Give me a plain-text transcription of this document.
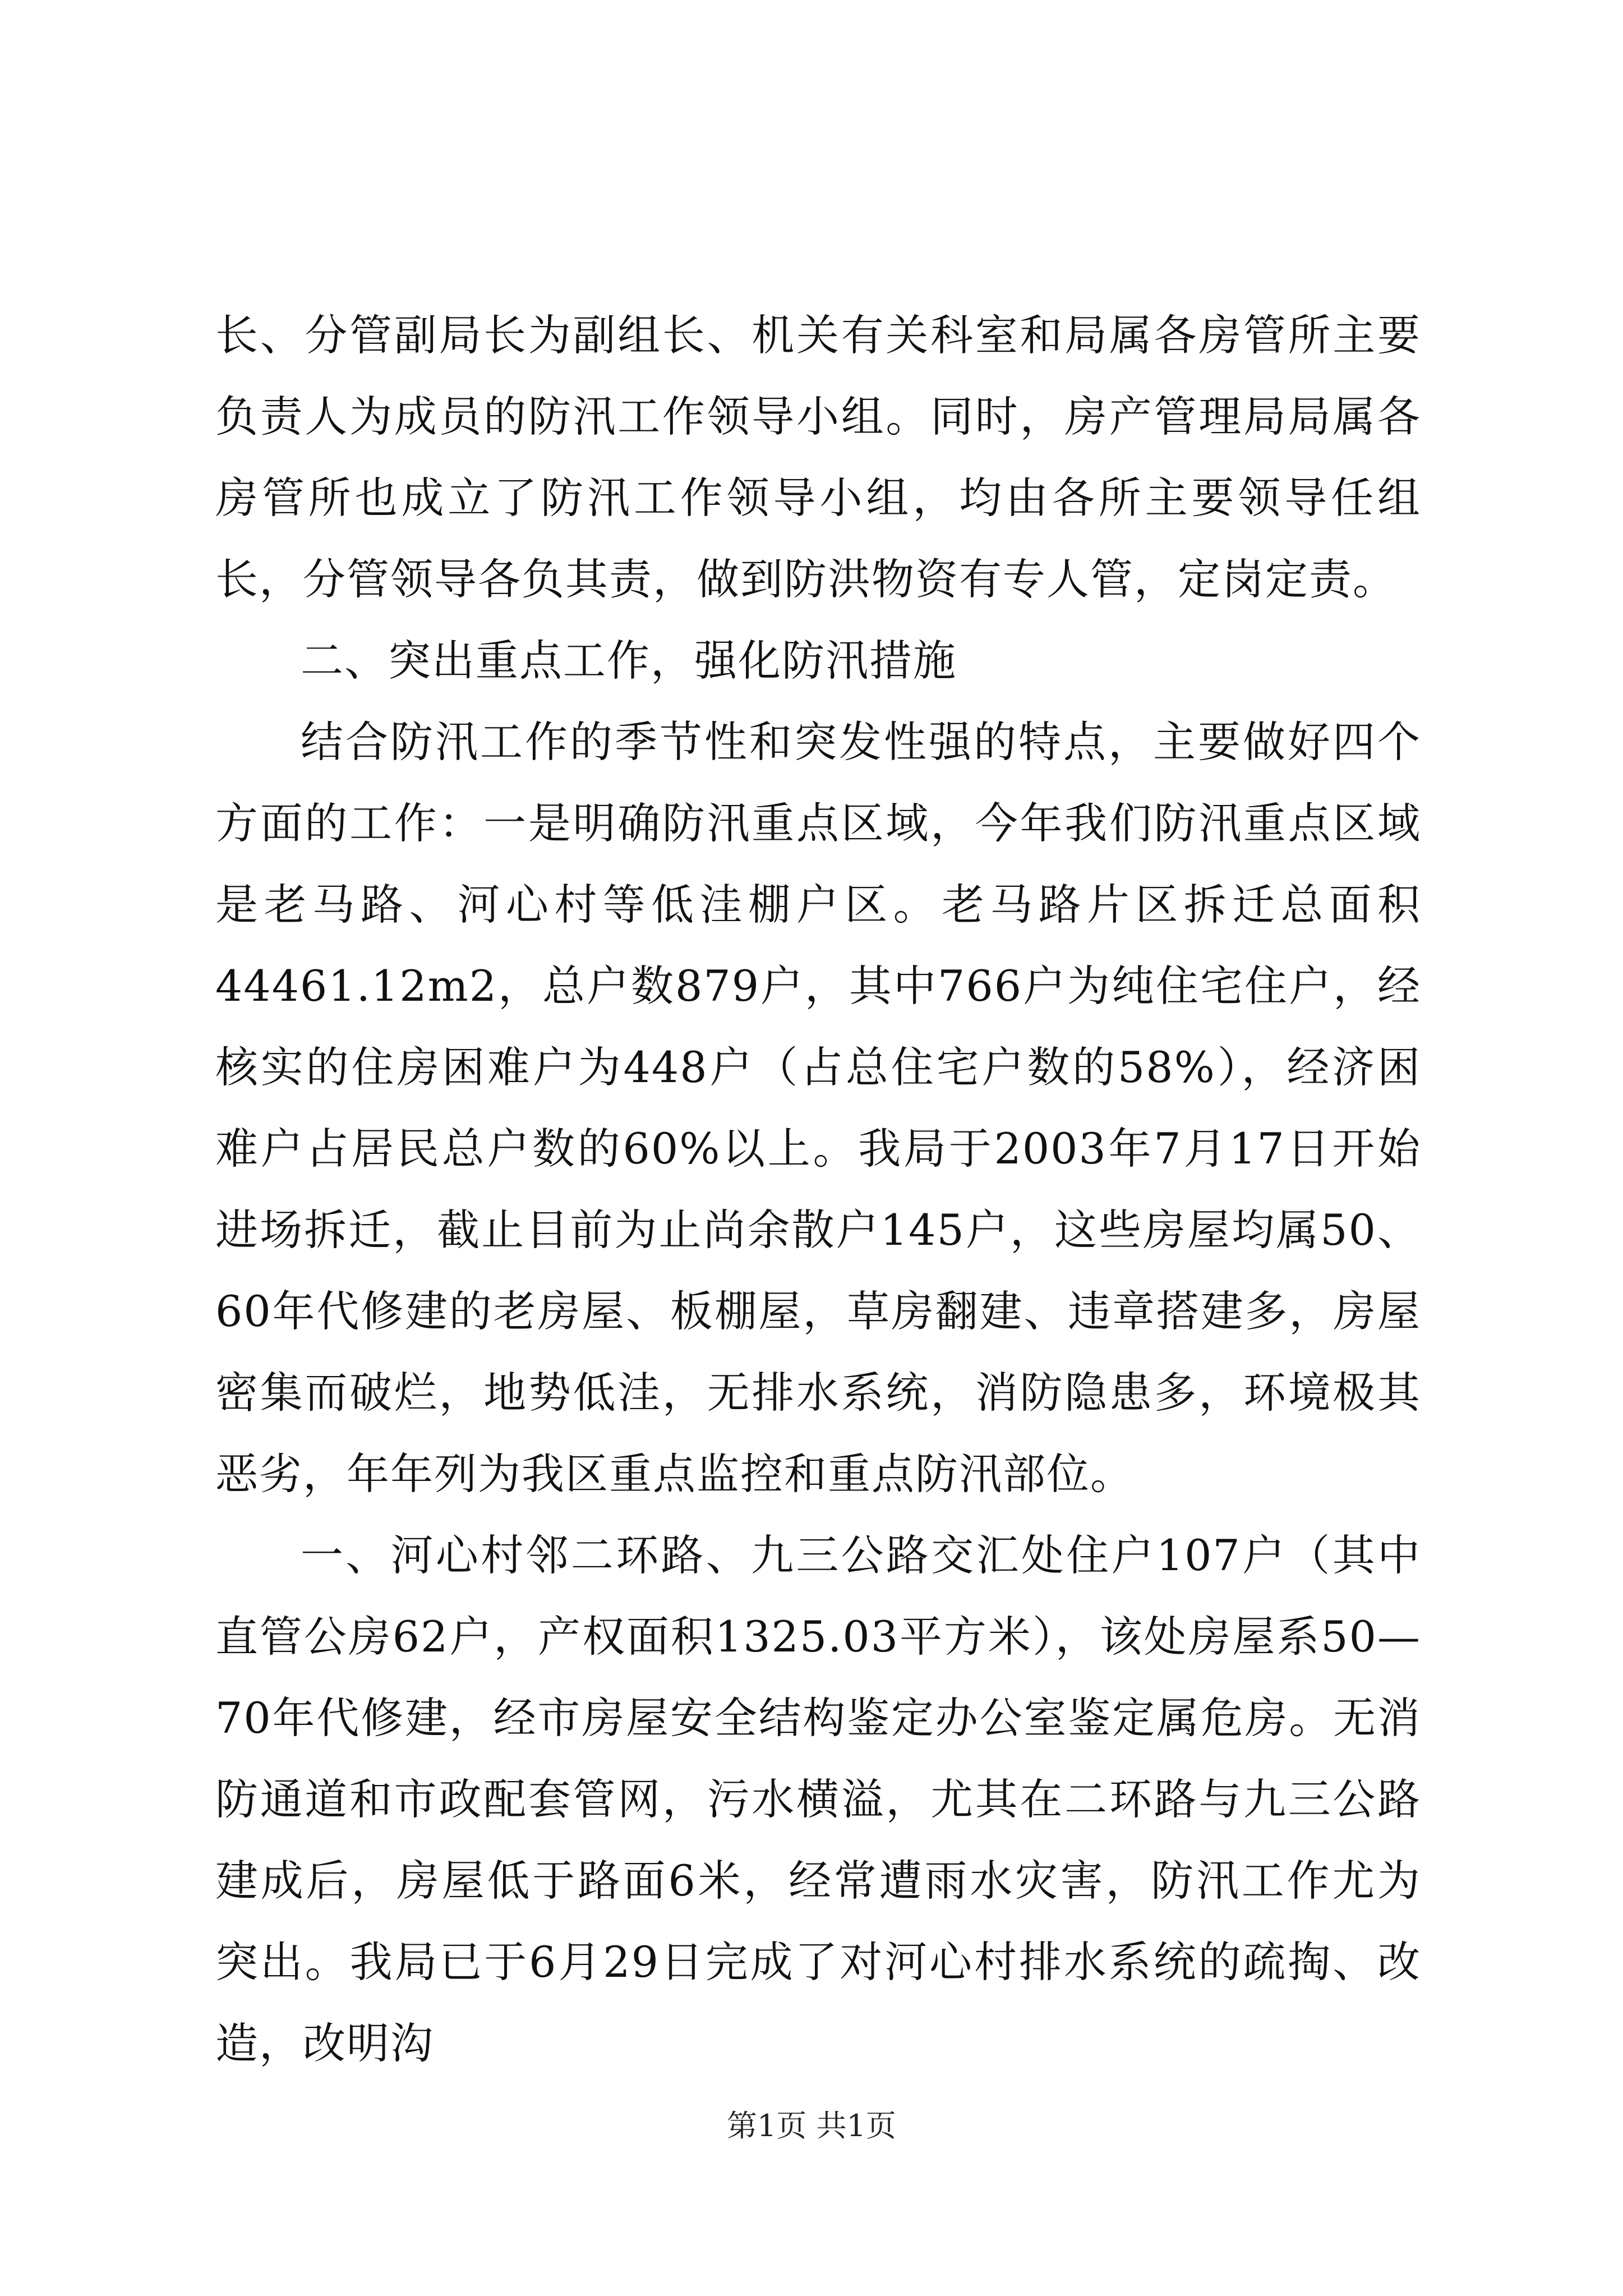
长、分管副局长为副组长、机关有关科室和局属各房管所主要负责人为成员的防汛工作领导小组。同时，房产管理局局属各房管所也成立了防汛工作领导小组，均由各所主要领导任组长，分管领导各负其责，做到防洪物资有专人管，定岗定责。

二、突出重点工作，强化防汛措施

结合防汛工作的季节性和突发性强的特点，主要做好四个方面的工作：一是明确防汛重点区域，今年我们防汛重点区域是老马路、河心村等低洼棚户区。老马路片区拆迁总面积44461.12m2，总户数879户，其中766户为纯住宅住户，经核实的住房困难户为448户（占总住宅户数的58%），经济困难户占居民总户数的60%以上。我局于2003年7月17日开始进场拆迁，截止目前为止尚余散户145户，这些房屋均属50、60年代修建的老房屋、板棚屋，草房翻建、违章搭建多，房屋密集而破烂，地势低洼，无排水系统，消防隐患多，环境极其恶劣，年年列为我区重点监控和重点防汛部位。

一、河心村邻二环路、九三公路交汇处住户107户（其中直管公房62户，产权面积1325.03平方米），该处房屋系50—70年代修建，经市房屋安全结构鉴定办公室鉴定属危房。无消防通道和市政配套管网，污水横溢，尤其在二环路与九三公路建成后，房屋低于路面6米，经常遭雨水灾害，防汛工作尤为突出。我局已于6月29日完成了对河心村排水系统的疏掏、改造，改明沟

第1页 共1页
